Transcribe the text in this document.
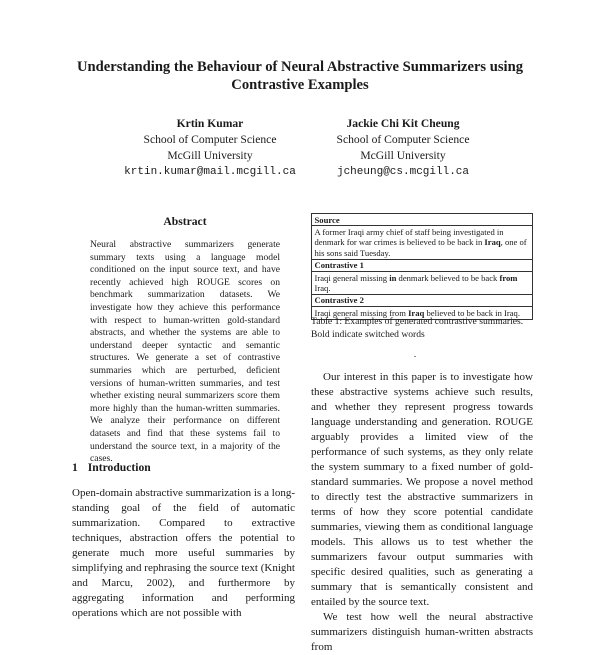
Understanding the Behaviour of Neural Abstractive Summarizers using
Contrastive Examples
Krtin Kumar
School of Computer Science
McGill University
krtin.kumar@mail.mcgill.ca
Jackie Chi Kit Cheung
School of Computer Science
McGill University
jcheung@cs.mcgill.ca
Abstract
Neural abstractive summarizers generate summary texts using a language model conditioned on the input source text, and have recently achieved high ROUGE scores on benchmark summarization datasets. We investigate how they achieve this performance with respect to human-written gold-standard abstracts, and whether the systems are able to understand deeper syntactic and semantic structures. We generate a set of contrastive summaries which are perturbed, deficient versions of human-written summaries, and test whether existing neural summarizers score them more highly than the human-written summaries. We analyze their performance on different datasets and find that these systems fail to understand the source text, in a majority of the cases.
1 Introduction

Open-domain abstractive summarization is a long-standing goal of the field of automatic summarization. Compared to extractive techniques, abstraction offers the potential to generate much more useful summaries by simplifying and rephrasing the source text (Knight and Marcu, 2002), and furthermore by aggregating information and performing operations which are not possible with

Source
A former Iraqi army chief of staff being investigated in denmark for war crimes is believed to be back in Iraq, one of his sons said Tuesday.
Contrastive 1
Iraqi general missing in denmark believed to be back from Iraq.
Contrastive 2
Iraqi general missing from Iraq believed to be back in Iraq.
Table 1: Examples of generated contrastive summaries. Bold indicate switched words

Our interest in this paper is to investigate how these abstractive systems achieve such results, and whether they represent progress towards language understanding and generation. ROUGE arguably provides a limited view of the performance of such systems, as they only relate the system summary to a fixed number of gold-standard summaries. We propose a novel method to directly test the abstractive summarizers in terms of how they score potential candidate summaries, viewing them as conditional language models. This allows us to test whether the summarizers favour output summaries with specific desired qualities, such as generating a summary that is semantically consistent and entailed by the source text.

We test how well the neural abstractive summarizers distinguish human-written abstracts from
